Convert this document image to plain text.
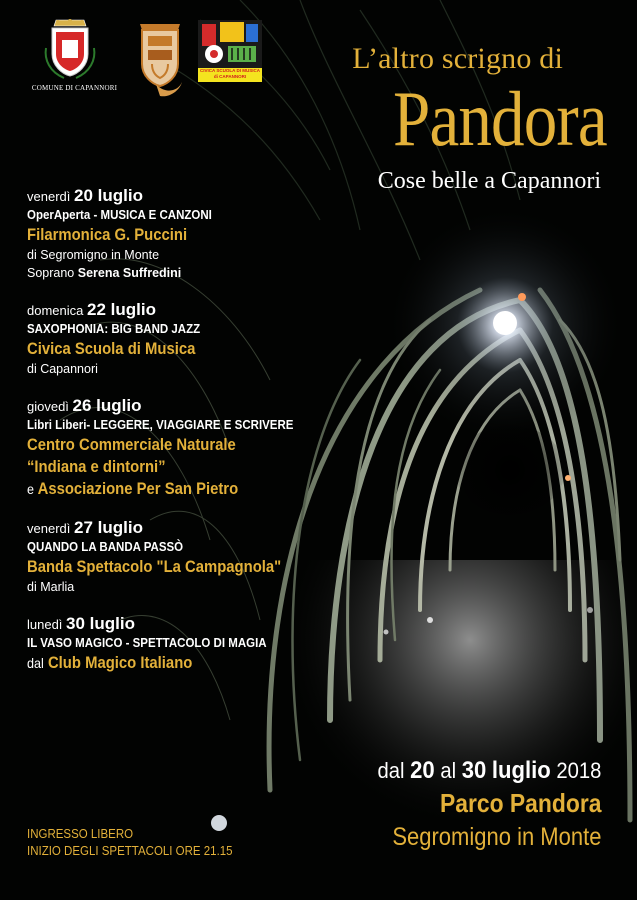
COMUNE DI CAPANNORI
CIVICA SCUOLA DI MUSICA di CAPANNORI
L’altro scrigno di
Pandora
Cose belle a Capannori
venerdì 20 luglio
OperAperta - MUSICA E CANZONI
Filarmonica G. Puccini
di Segromigno in Monte
Soprano Serena Suffredini
domenica 22 luglio
SAXOPHONIA: BIG BAND JAZZ
Civica Scuola di Musica
di Capannori
giovedì 26 luglio
Libri Liberi- LEGGERE, VIAGGIARE E SCRIVERE
Centro Commerciale Naturale
“Indiana e dintorni”
e Associazione Per San Pietro
venerdì 27 luglio
QUANDO LA BANDA PASSÒ
Banda Spettacolo "La Campagnola"
di Marlia
lunedì 30 luglio
IL VASO MAGICO - SPETTACOLO DI MAGIA
dal Club Magico Italiano
dal 20 al 30 luglio 2018
Parco Pandora
Segromigno in Monte
INGRESSO LIBERO
INIZIO DEGLI SPETTACOLI ORE 21.15
